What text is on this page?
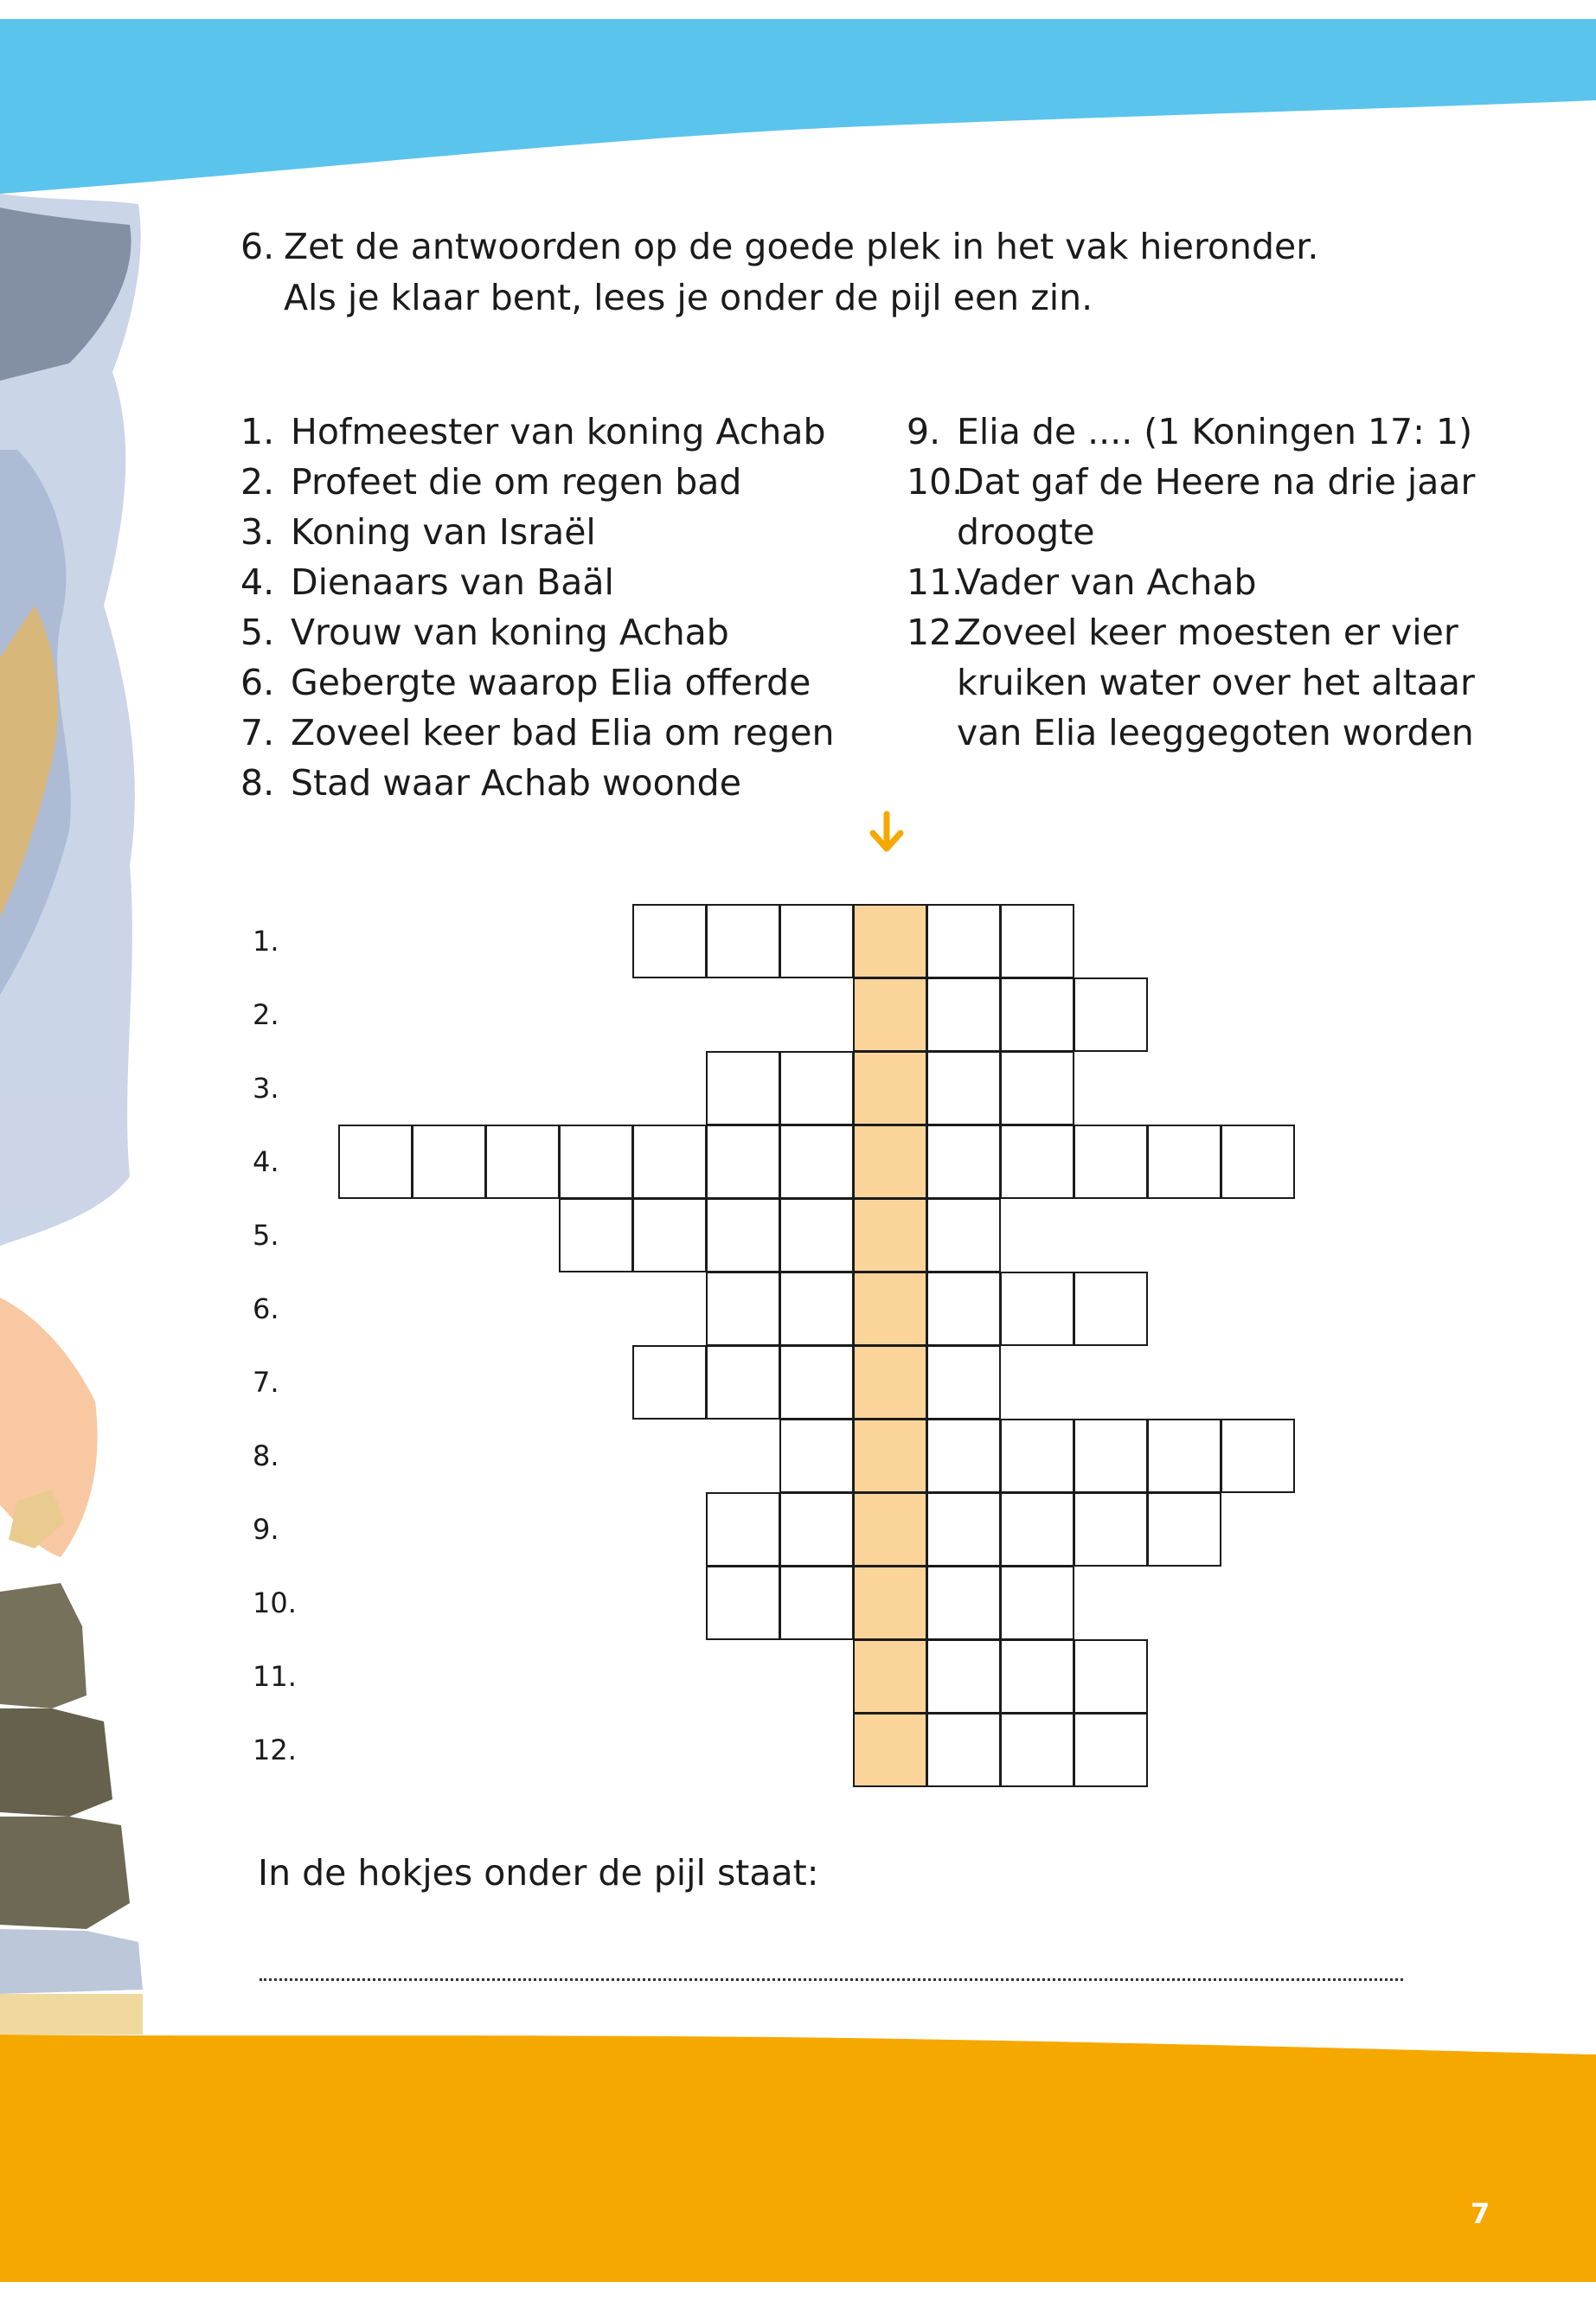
6. Zet de antwoorden op de goede plek in het vak hieronder.
Als je klaar bent, lees je onder de pijl een zin.
1. Hofmeester van koning Achab
2. Profeet die om regen bad
3. Koning van Israël
4. Dienaars van Baäl
5. Vrouw van koning Achab
6. Gebergte waarop Elia offerde
7. Zoveel keer bad Elia om regen
8. Stad waar Achab woonde
9. Elia de .... (1 Koningen 17: 1)
10.
Dat gaf de Heere na drie jaar
droogte
11.
Vader van Achab
12.
Zoveel keer moesten er vier
kruiken water over het altaar
van Elia leeggegoten worden
1.
2.
3.
4.
5.
6.
7.
8.
9.
10.
11.
12.
In de hokjes onder de pijl staat:
7
